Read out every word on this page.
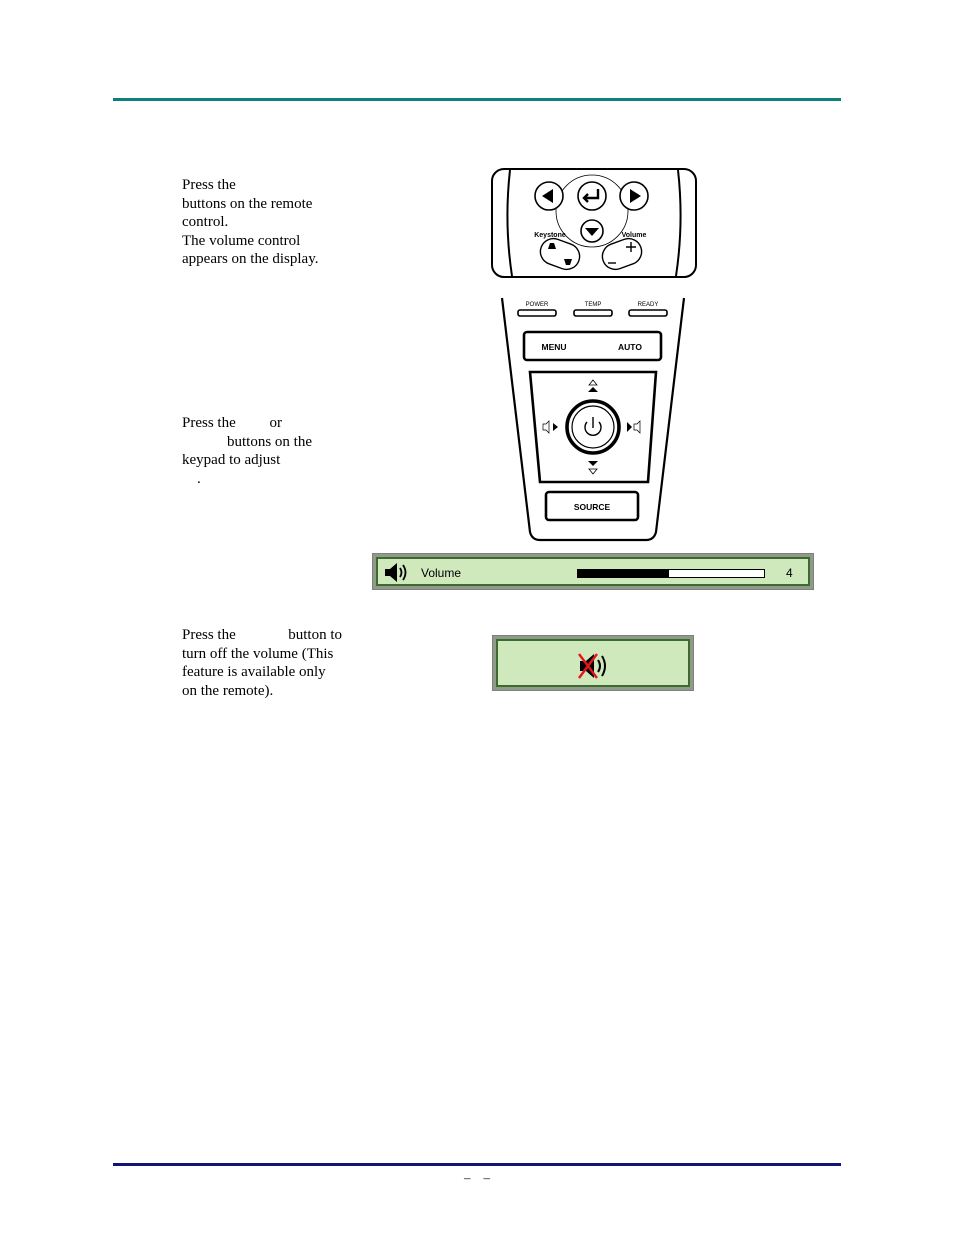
Press the
buttons on the remote
control.
The volume control
appears on the display.
Press the         or
buttons on the
keypad to adjust
.
Press the              button to
turn off the volume (This
feature is available only
on the remote).
Keystone	Volume
POWER	TEMP	READY
MENU	AUTO
SOURCE
Volume	4
–    –
